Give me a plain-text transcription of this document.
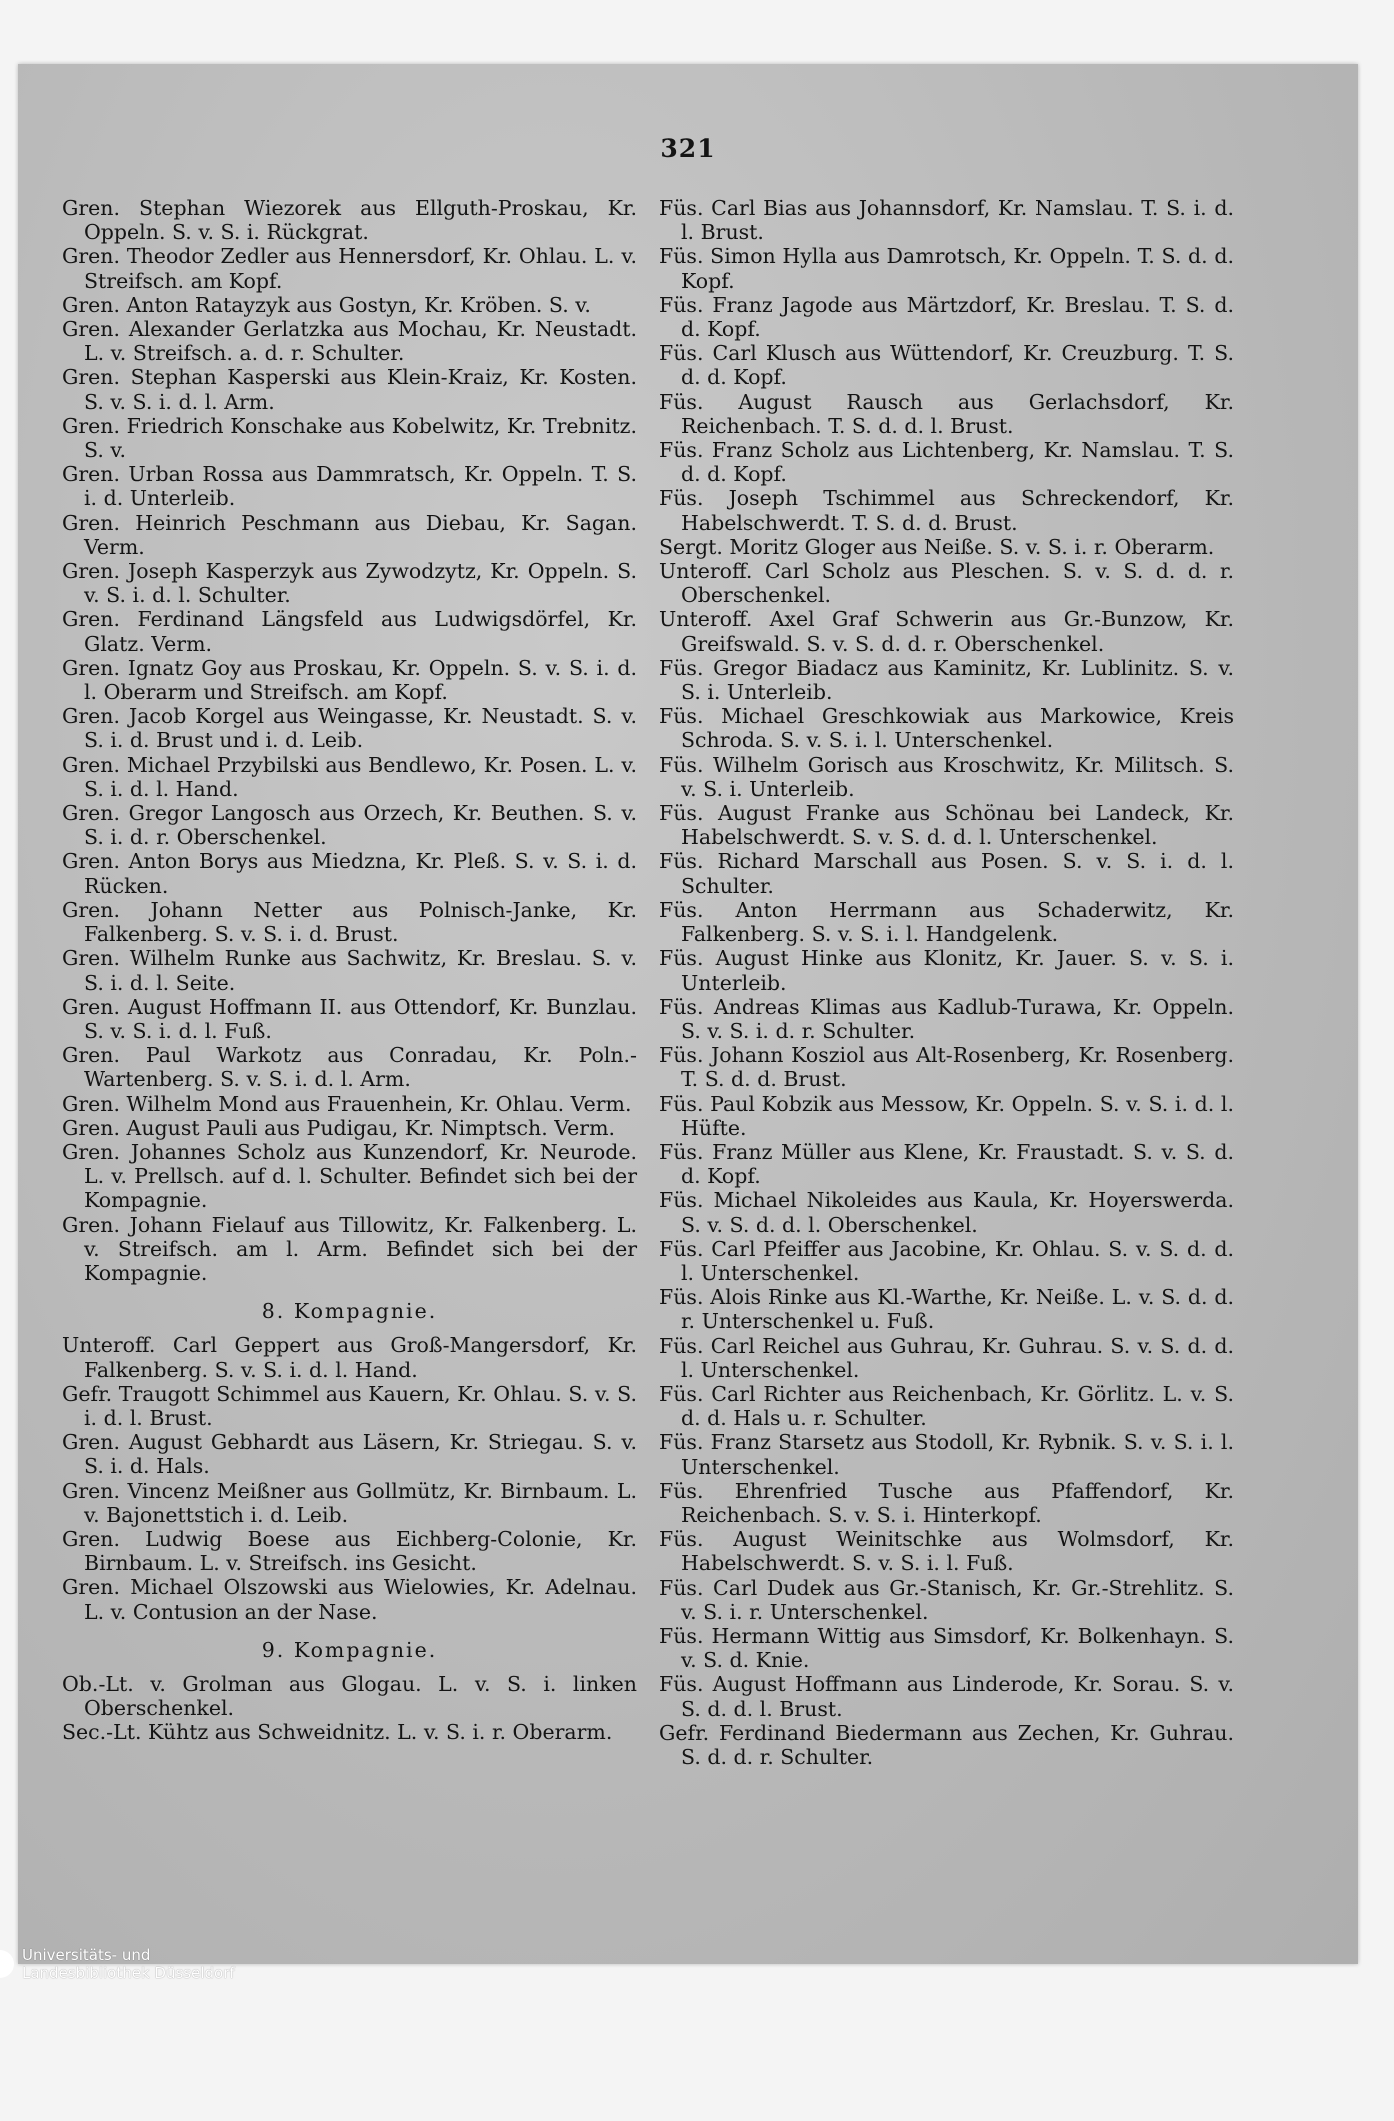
321

Gren. Stephan Wiezorek aus Ellguth-Proskau, Kr. Oppeln. S. v. S. i. Rückgrat.

Gren. Theodor Zedler aus Hennersdorf, Kr. Ohlau. L. v. Streifsch. am Kopf.

Gren. Anton Ratayzyk aus Gostyn, Kr. Kröben. S. v.

Gren. Alexander Gerlatzka aus Mochau, Kr. Neustadt. L. v. Streifsch. a. d. r. Schulter.

Gren. Stephan Kasperski aus Klein-Kraiz, Kr. Kosten. S. v. S. i. d. l. Arm.

Gren. Friedrich Konschake aus Kobelwitz, Kr. Trebnitz. S. v.

Gren. Urban Rossa aus Dammratsch, Kr. Oppeln. T. S. i. d. Unterleib.

Gren. Heinrich Peschmann aus Diebau, Kr. Sagan. Verm.

Gren. Joseph Kasperzyk aus Zywodzytz, Kr. Oppeln. S. v. S. i. d. l. Schulter.

Gren. Ferdinand Längsfeld aus Ludwigsdörfel, Kr. Glatz. Verm.

Gren. Ignatz Goy aus Proskau, Kr. Oppeln. S. v. S. i. d. l. Oberarm und Streifsch. am Kopf.

Gren. Jacob Korgel aus Weingasse, Kr. Neustadt. S. v. S. i. d. Brust und i. d. Leib.

Gren. Michael Przybilski aus Bendlewo, Kr. Posen. L. v. S. i. d. l. Hand.

Gren. Gregor Langosch aus Orzech, Kr. Beuthen. S. v. S. i. d. r. Oberschenkel.

Gren. Anton Borys aus Miedzna, Kr. Pleß. S. v. S. i. d. Rücken.

Gren. Johann Netter aus Polnisch-Janke, Kr. Falkenberg. S. v. S. i. d. Brust.

Gren. Wilhelm Runke aus Sachwitz, Kr. Breslau. S. v. S. i. d. l. Seite.

Gren. August Hoffmann II. aus Ottendorf, Kr. Bunzlau. S. v. S. i. d. l. Fuß.

Gren. Paul Warkotz aus Conradau, Kr. Poln.-Wartenberg. S. v. S. i. d. l. Arm.

Gren. Wilhelm Mond aus Frauenhein, Kr. Ohlau. Verm.

Gren. August Pauli aus Pudigau, Kr. Nimptsch. Verm.

Gren. Johannes Scholz aus Kunzendorf, Kr. Neurode. L. v. Prellsch. auf d. l. Schulter. Befindet sich bei der Kompagnie.

Gren. Johann Fielauf aus Tillowitz, Kr. Falkenberg. L. v. Streifsch. am l. Arm. Befindet sich bei der Kompagnie.

8. Kompagnie.

Unteroff. Carl Geppert aus Groß-Mangersdorf, Kr. Falkenberg. S. v. S. i. d. l. Hand.

Gefr. Traugott Schimmel aus Kauern, Kr. Ohlau. S. v. S. i. d. l. Brust.

Gren. August Gebhardt aus Läsern, Kr. Striegau. S. v. S. i. d. Hals.

Gren. Vincenz Meißner aus Gollmütz, Kr. Birnbaum. L. v. Bajonettstich i. d. Leib.

Gren. Ludwig Boese aus Eichberg-Colonie, Kr. Birnbaum. L. v. Streifsch. ins Gesicht.

Gren. Michael Olszowski aus Wielowies, Kr. Adelnau. L. v. Contusion an der Nase.

9. Kompagnie.

Ob.-Lt. v. Grolman aus Glogau. L. v. S. i. linken Oberschenkel.

Sec.-Lt. Kühtz aus Schweidnitz. L. v. S. i. r. Oberarm.

Füs. Carl Bias aus Johannsdorf, Kr. Namslau. T. S. i. d. l. Brust.

Füs. Simon Hylla aus Damrotsch, Kr. Oppeln. T. S. d. d. Kopf.

Füs. Franz Jagode aus Märtzdorf, Kr. Breslau. T. S. d. d. Kopf.

Füs. Carl Klusch aus Wüttendorf, Kr. Creuzburg. T. S. d. d. Kopf.

Füs. August Rausch aus Gerlachsdorf, Kr. Reichenbach. T. S. d. d. l. Brust.

Füs. Franz Scholz aus Lichtenberg, Kr. Namslau. T. S. d. d. Kopf.

Füs. Joseph Tschimmel aus Schreckendorf, Kr. Habelschwerdt. T. S. d. d. Brust.

Sergt. Moritz Gloger aus Neiße. S. v. S. i. r. Oberarm.

Unteroff. Carl Scholz aus Pleschen. S. v. S. d. d. r. Oberschenkel.

Unteroff. Axel Graf Schwerin aus Gr.-Bunzow, Kr. Greifswald. S. v. S. d. d. r. Oberschenkel.

Füs. Gregor Biadacz aus Kaminitz, Kr. Lublinitz. S. v. S. i. Unterleib.

Füs. Michael Greschkowiak aus Markowice, Kreis Schroda. S. v. S. i. l. Unterschenkel.

Füs. Wilhelm Gorisch aus Kroschwitz, Kr. Militsch. S. v. S. i. Unterleib.

Füs. August Franke aus Schönau bei Landeck, Kr. Habelschwerdt. S. v. S. d. d. l. Unterschenkel.

Füs. Richard Marschall aus Posen. S. v. S. i. d. l. Schulter.

Füs. Anton Herrmann aus Schaderwitz, Kr. Falkenberg. S. v. S. i. l. Handgelenk.

Füs. August Hinke aus Klonitz, Kr. Jauer. S. v. S. i. Unterleib.

Füs. Andreas Klimas aus Kadlub-Turawa, Kr. Oppeln. S. v. S. i. d. r. Schulter.

Füs. Johann Kosziol aus Alt-Rosenberg, Kr. Rosenberg. T. S. d. d. Brust.

Füs. Paul Kobzik aus Messow, Kr. Oppeln. S. v. S. i. d. l. Hüfte.

Füs. Franz Müller aus Klene, Kr. Fraustadt. S. v. S. d. d. Kopf.

Füs. Michael Nikoleides aus Kaula, Kr. Hoyerswerda. S. v. S. d. d. l. Oberschenkel.

Füs. Carl Pfeiffer aus Jacobine, Kr. Ohlau. S. v. S. d. d. l. Unterschenkel.

Füs. Alois Rinke aus Kl.-Warthe, Kr. Neiße. L. v. S. d. d. r. Unterschenkel u. Fuß.

Füs. Carl Reichel aus Guhrau, Kr. Guhrau. S. v. S. d. d. l. Unterschenkel.

Füs. Carl Richter aus Reichenbach, Kr. Görlitz. L. v. S. d. d. Hals u. r. Schulter.

Füs. Franz Starsetz aus Stodoll, Kr. Rybnik. S. v. S. i. l. Unterschenkel.

Füs. Ehrenfried Tusche aus Pfaffendorf, Kr. Reichenbach. S. v. S. i. Hinterkopf.

Füs. August Weinitschke aus Wolmsdorf, Kr. Habelschwerdt. S. v. S. i. l. Fuß.

Füs. Carl Dudek aus Gr.-Stanisch, Kr. Gr.-Strehlitz. S. v. S. i. r. Unterschenkel.

Füs. Hermann Wittig aus Simsdorf, Kr. Bolkenhayn. S. v. S. d. Knie.

Füs. August Hoffmann aus Linderode, Kr. Sorau. S. v. S. d. d. l. Brust.

Gefr. Ferdinand Biedermann aus Zechen, Kr. Guhrau. S. d. d. r. Schulter.

Universitäts- und
Landesbibliothek Düsseldorf
